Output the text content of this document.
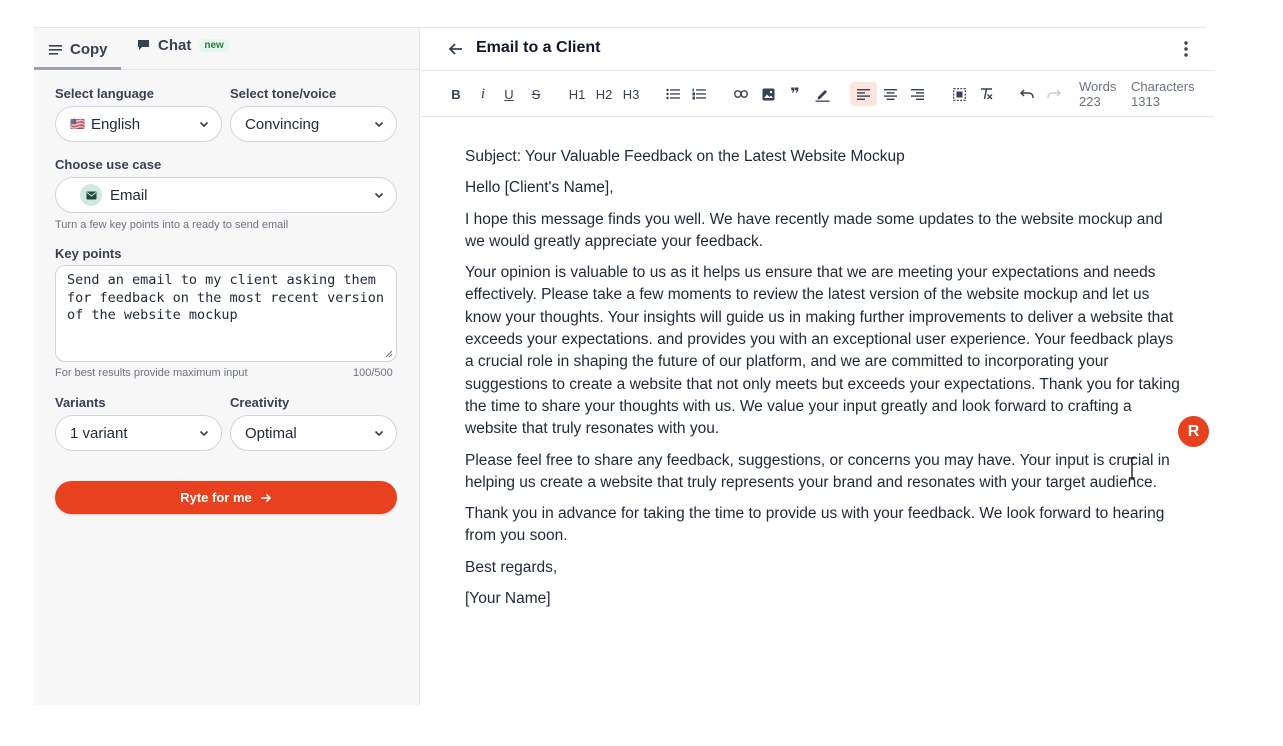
Copy	Chat	new
Select language	Select tone/voice
🇺🇸 English	Convincing
Choose use case
Email
Turn a few key points into a ready to send email
Key points
Send an email to my client asking them for feedback on the most recent version of the website mockup
For best results provide maximum input	100/500
Variants	Creativity
1 variant	Optimal
Ryte for me
Email to a Client
B	i	U	S	H1 H2 H3	❞	Words
223
Characters
1313

Subject: Your Valuable Feedback on the Latest Website Mockup

Hello [Client's Name],

I hope this message finds you well. We have recently made some updates to the website mockup and we would greatly appreciate your feedback.

Your opinion is valuable to us as it helps us ensure that we are meeting your expectations and needs effectively. Please take a few moments to review the latest version of the website mockup and let us know your thoughts. Your insights will guide us in making further improvements to deliver a website that exceeds your expectations. and provides you with an exceptional user experience. Your feedback plays a crucial role in shaping the future of our platform, and we are committed to incorporating your suggestions to create a website that not only meets but exceeds your expectations. Thank you for taking the time to share your thoughts with us. We value your input greatly and look forward to crafting a website that truly resonates with you.

Please feel free to share any feedback, suggestions, or concerns you may have. Your input is crucial in helping us create a website that truly represents your brand and resonates with your target audience.

Thank you in advance for taking the time to provide us with your feedback. We look forward to hearing from you soon.

Best regards,

[Your Name]

R
